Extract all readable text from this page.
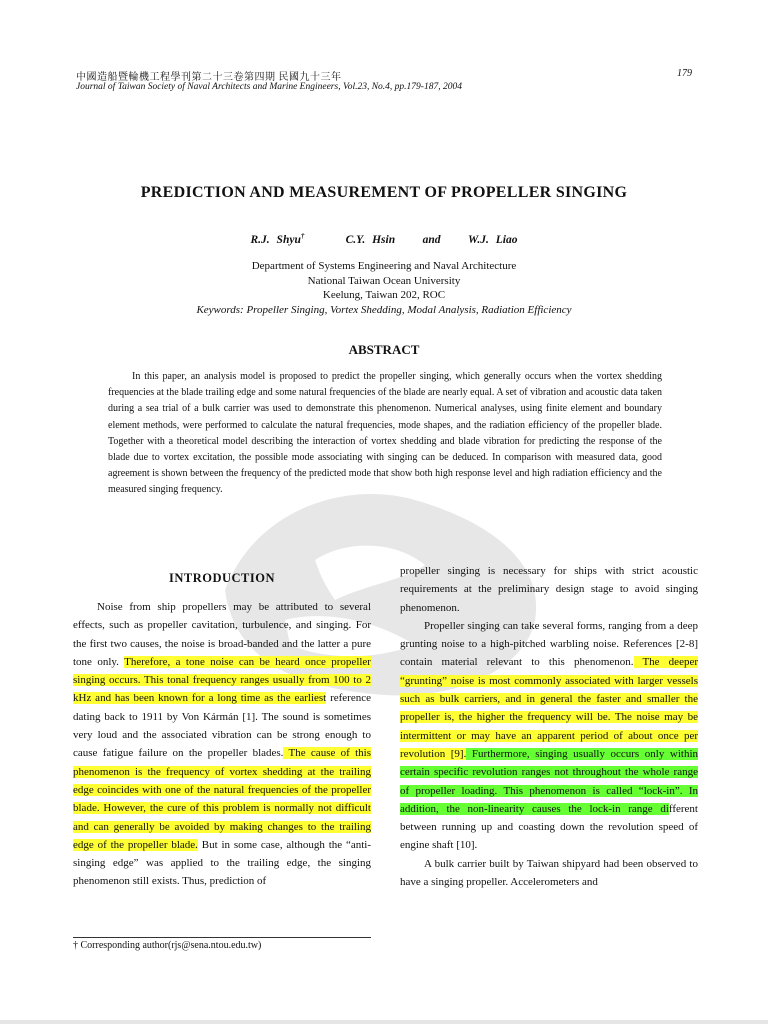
中國造船暨輪機工程學刊第二十三卷第四期 民國九十三年
Journal of Taiwan Society of Naval Architects and Marine Engineers, Vol.23, No.4, pp.179-187, 2004
179
PREDICTION AND MEASUREMENT OF PROPELLER SINGING
R.J. Shyu†	C.Y. Hsin and W.J. Liao
Department of Systems Engineering and Naval Architecture
National Taiwan Ocean University
Keelung, Taiwan 202, ROC
Keywords: Propeller Singing, Vortex Shedding, Modal Analysis, Radiation Efficiency
ABSTRACT
In this paper, an analysis model is proposed to predict the propeller singing, which generally occurs when the vortex shedding frequencies at the blade trailing edge and some natural frequencies of the blade are nearly equal. A set of vibration and acoustic data taken during a sea trial of a bulk carrier was used to demonstrate this phenomenon. Numerical analyses, using finite element and boundary element methods, were performed to calculate the natural frequencies, mode shapes, and the radiation efficiency of the propeller blade. Together with a theoretical model describing the interaction of vortex shedding and blade vibration for predicting the response of the blade due to vortex excitation, the possible mode associating with singing can be deduced. In comparison with measured data, good agreement is shown between the frequency of the predicted mode that show both high response level and high radiation efficiency and the measured singing frequency.
INTRODUCTION

Noise from ship propellers may be attributed to several effects, such as propeller cavitation, turbulence, and singing. For the first two causes, the noise is broad-banded and the latter a pure tone only. Therefore, a tone noise can be heard once propeller singing occurs. This tonal frequency ranges usually from 100 to 2 kHz and has been known for a long time as the earliest reference dating back to 1911 by Von Kármán [1]. The sound is sometimes very loud and the associated vibration can be strong enough to cause fatigue failure on the propeller blades. The cause of this phenomenon is the frequency of vortex shedding at the trailing edge coincides with one of the natural frequencies of the propeller blade. However, the cure of this problem is normally not difficult and can generally be avoided by making changes to the trailing edge of the propeller blade. But in some case, although the “anti-singing edge” was applied to the trailing edge, the singing phenomenon still exists. Thus, prediction of

propeller singing is necessary for ships with strict acoustic requirements at the preliminary design stage to avoid singing phenomenon.

Propeller singing can take several forms, ranging from a deep grunting noise to a high-pitched warbling noise. References [2-8] contain material relevant to this phenomenon. The deeper “grunting” noise is most commonly associated with larger vessels such as bulk carriers, and in general the faster and smaller the propeller is, the higher the frequency will be. The noise may be intermittent or may have an apparent period of about once per revolution [9]. Furthermore, singing usually occurs only within certain specific revolution ranges not throughout the whole range of propeller loading. This phenomenon is called “lock-in”. In addition, the non-linearity causes the lock-in range different between running up and coasting down the revolution speed of engine shaft [10].

A bulk carrier built by Taiwan shipyard had been observed to have a singing propeller. Accelerometers and

† Corresponding author(rjs@sena.ntou.edu.tw)
